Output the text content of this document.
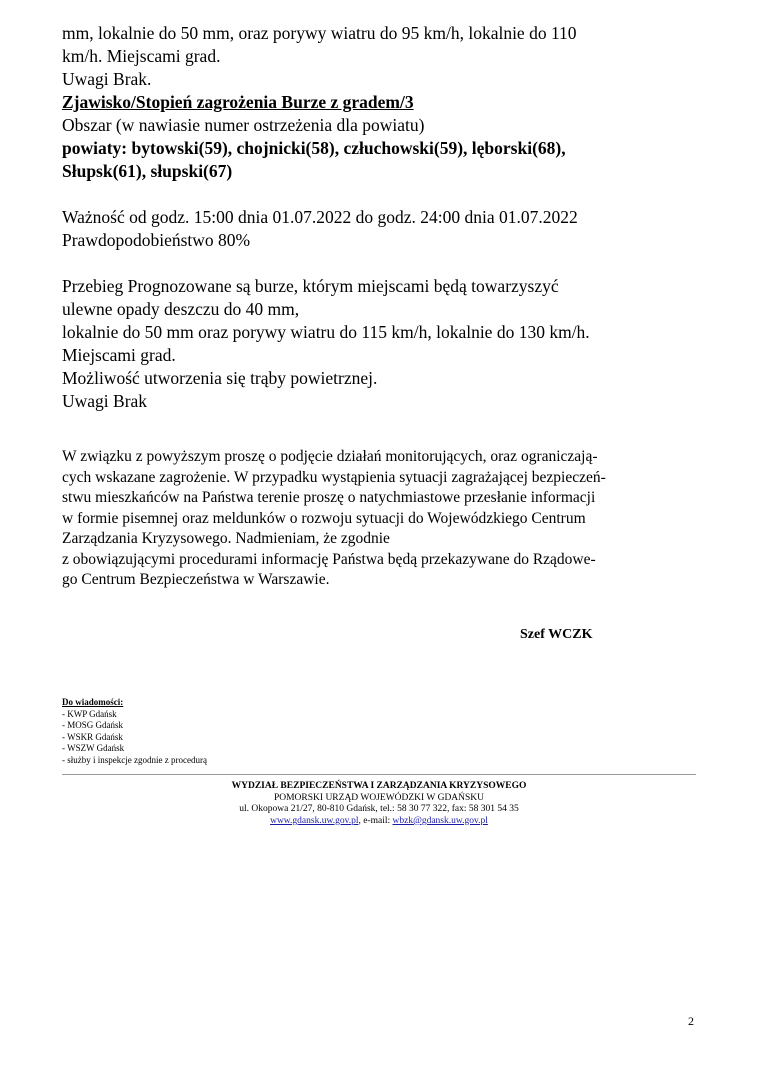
mm, lokalnie do 50 mm, oraz porywy wiatru do 95 km/h, lokalnie do 110
km/h. Miejscami grad.
Uwagi Brak.
Zjawisko/Stopień zagrożenia Burze z gradem/3
Obszar (w nawiasie numer ostrzeżenia dla powiatu)
powiaty: bytowski(59), chojnicki(58), człuchowski(59), lęborski(68),
Słupsk(61), słupski(67)
Ważność od godz. 15:00 dnia 01.07.2022 do godz. 24:00 dnia 01.07.2022
Prawdopodobieństwo 80%
Przebieg Prognozowane są burze, którym miejscami będą towarzyszyć
ulewne opady deszczu do 40 mm,
lokalnie do 50 mm oraz porywy wiatru do 115 km/h, lokalnie do 130 km/h.
Miejscami grad.
Możliwość utworzenia się trąby powietrznej.
Uwagi Brak
W związku z powyższym proszę o podjęcie działań monitorujących, oraz ograniczają-
cych wskazane zagrożenie. W przypadku wystąpienia sytuacji zagrażającej bezpieczeń-
stwu mieszkańców na Państwa terenie proszę o natychmiastowe przesłanie informacji
w formie pisemnej oraz meldunków o rozwoju sytuacji do Wojewódzkiego Centrum
Zarządzania Kryzysowego. Nadmieniam, że zgodnie
z obowiązującymi procedurami informację Państwa będą przekazywane do Rządowe-
go Centrum Bezpieczeństwa w Warszawie.
Szef WCZK
Do wiadomości:
- KWP Gdańsk
- MOSG Gdańsk
- WSKR Gdańsk
- WSZW Gdańsk
- służby i inspekcje zgodnie z procedurą
WYDZIAŁ BEZPIECZEŃSTWA I ZARZĄDZANIA KRYZYSOWEGO
POMORSKI URZĄD WOJEWÓDZKI W GDAŃSKU
ul. Okopowa 21/27, 80-810 Gdańsk, tel.: 58 30 77 322, fax: 58 301 54 35
www.gdansk.uw.gov.pl, e-mail: wbzk@gdansk.uw.gov.pl
2
